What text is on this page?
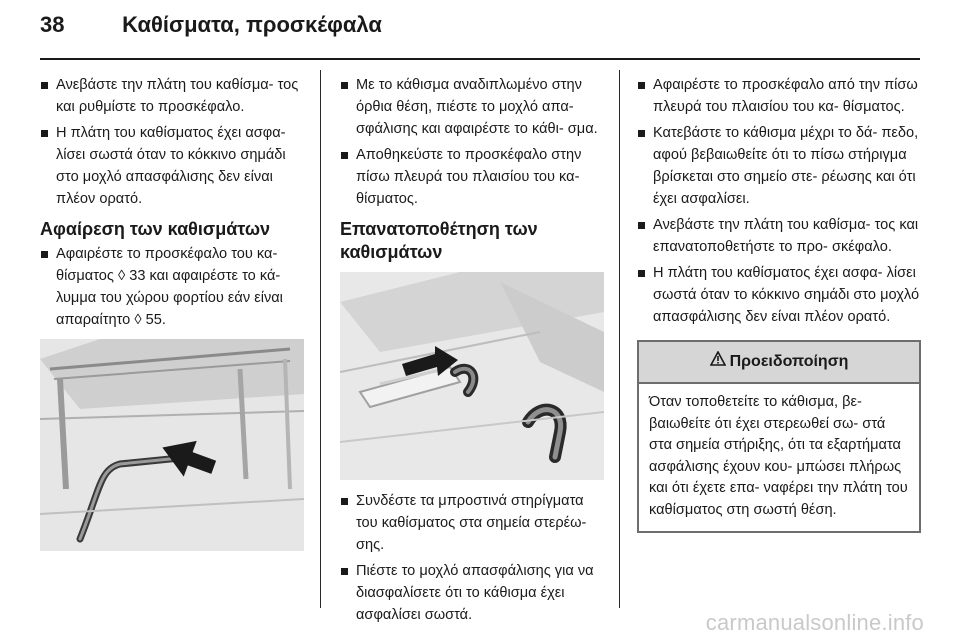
38	Καθίσματα, προσκέφαλα
Ανεβάστε την πλάτη του καθίσμα- τος και ρυθμίστε το προσκέφαλο.
Η πλάτη του καθίσματος έχει ασφα- λίσει σωστά όταν το κόκκινο σημάδι στο μοχλό απασφάλισης δεν είναι πλέον ορατό.
Αφαίρεση των καθισμάτων
Αφαιρέστε το προσκέφαλο του κα- θίσματος ◊ 33 και αφαιρέστε το κά- λυμμα του χώρου φορτίου εάν είναι απαραίτητο ◊ 55.
Με το κάθισμα αναδιπλωμένο στην όρθια θέση, πιέστε το μοχλό απα- σφάλισης και αφαιρέστε το κάθι- σμα.
Αποθηκεύστε το προσκέφαλο στην πίσω πλευρά του πλαισίου του κα- θίσματος.
Επανατοποθέτηση των καθισμάτων
Συνδέστε τα μπροστινά στηρίγματα του καθίσματος στα σημεία στερέω- σης.
Πιέστε το μοχλό απασφάλισης για να διασφαλίσετε ότι το κάθισμα έχει ασφαλίσει σωστά.
Αφαιρέστε το προσκέφαλο από την πίσω πλευρά του πλαισίου του κα- θίσματος.
Κατεβάστε το κάθισμα μέχρι το δά- πεδο, αφού βεβαιωθείτε ότι το πίσω στήριγμα βρίσκεται στο σημείο στε- ρέωσης και ότι έχει ασφαλίσει.
Ανεβάστε την πλάτη του καθίσμα- τος και επανατοποθετήστε το προ- σκέφαλο.
Η πλάτη του καθίσματος έχει ασφα- λίσει σωστά όταν το κόκκινο σημάδι στο μοχλό απασφάλισης δεν είναι πλέον ορατό.
Προειδοποίηση
Όταν τοποθετείτε το κάθισμα, βε- βαιωθείτε ότι έχει στερεωθεί σω- στά στα σημεία στήριξης, ότι τα εξαρτήματα ασφάλισης έχουν κου- μπώσει πλήρως και ότι έχετε επα- ναφέρει την πλάτη του καθίσματος στη σωστή θέση.
carmanualsonline.info
